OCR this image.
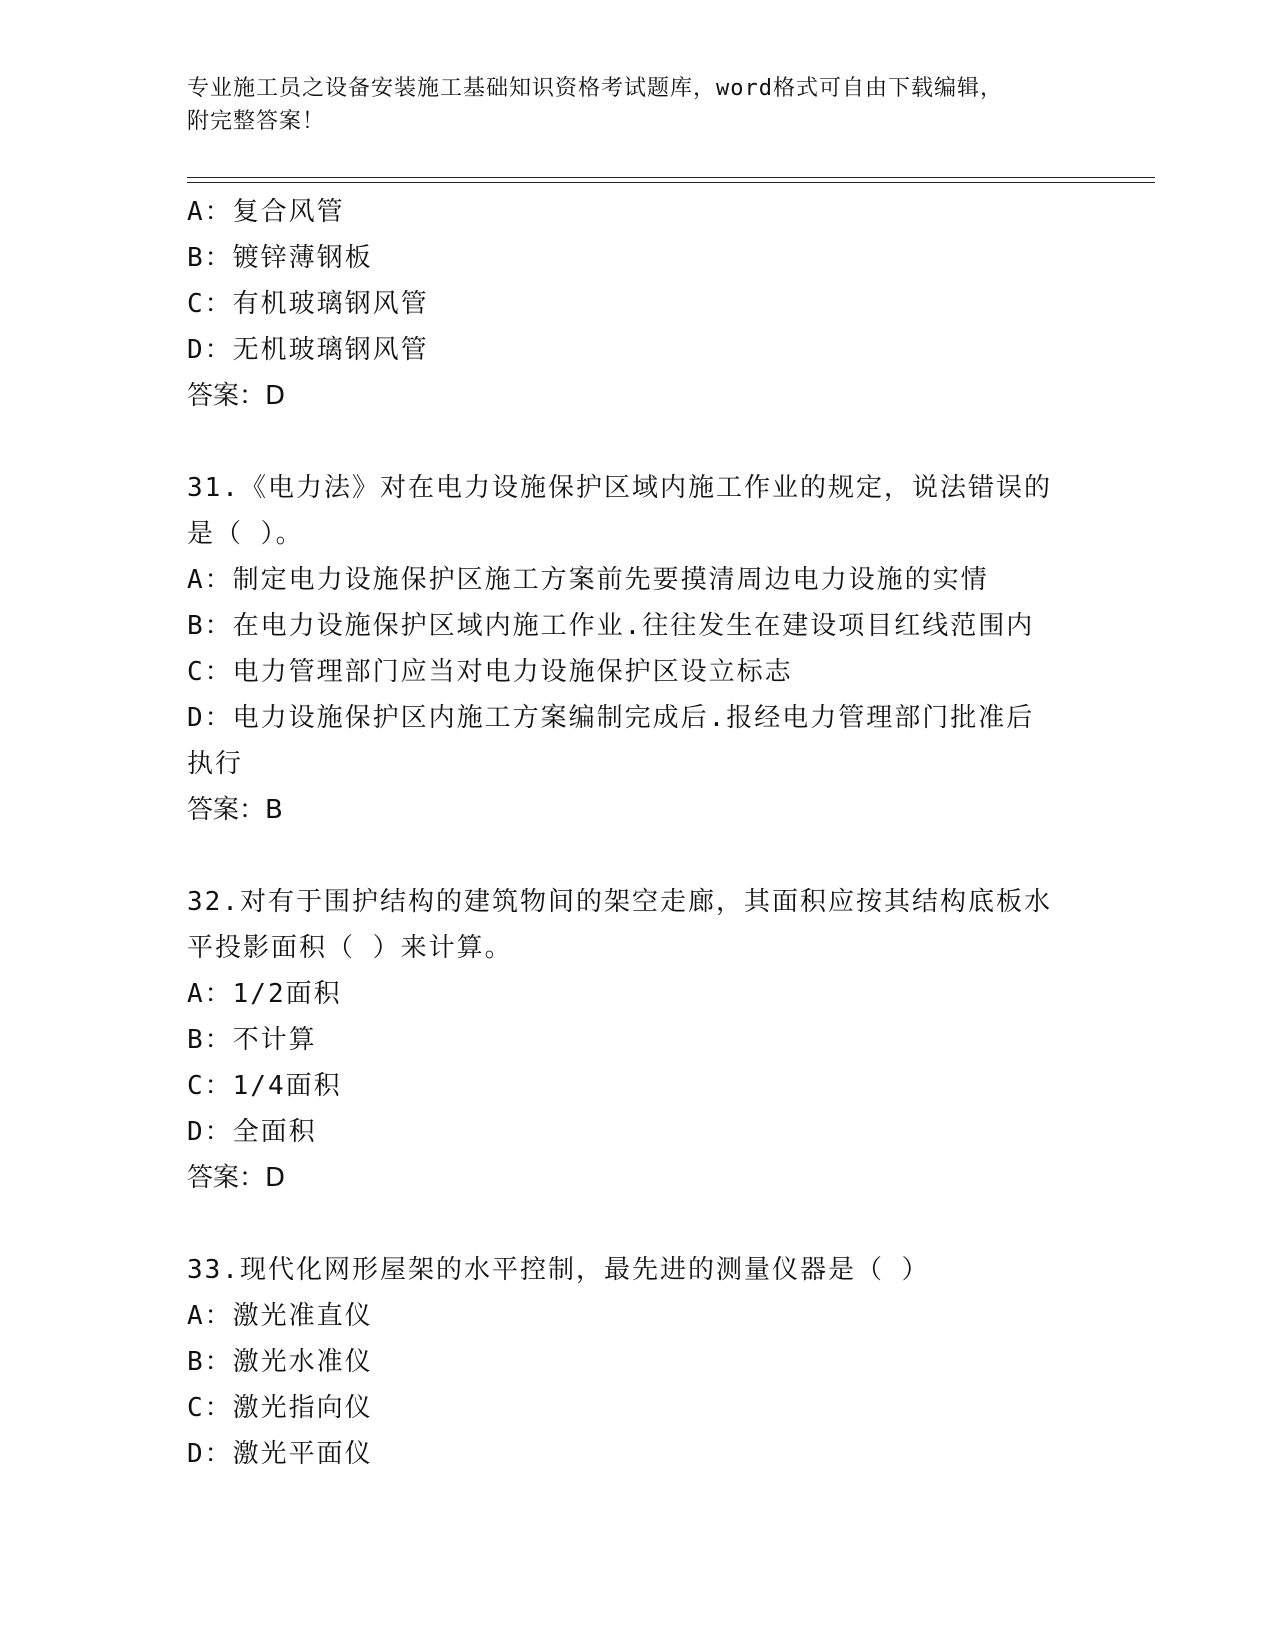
专业施工员之设备安装施工基础知识资格考试题库，word格式可自由下载编辑，
附完整答案！
A：复合风管
B：镀锌薄钢板
C：有机玻璃钢风管
D：无机玻璃钢风管
答案：D
31.《电力法》对在电力设施保护区域内施工作业的规定，说法错误的
是（ ）。
A：制定电力设施保护区施工方案前先要摸清周边电力设施的实情
B：在电力设施保护区域内施工作业.往往发生在建设项目红线范围内
C：电力管理部门应当对电力设施保护区设立标志
D：电力设施保护区内施工方案编制完成后.报经电力管理部门批准后
执行
答案：B
32.对有于围护结构的建筑物间的架空走廊，其面积应按其结构底板水
平投影面积（ ）来计算。
A：1/2面积
B：不计算
C：1/4面积
D：全面积
答案：D
33.现代化网形屋架的水平控制，最先进的测量仪器是（ ）
A：激光准直仪
B：激光水准仪
C：激光指向仪
D：激光平面仪
